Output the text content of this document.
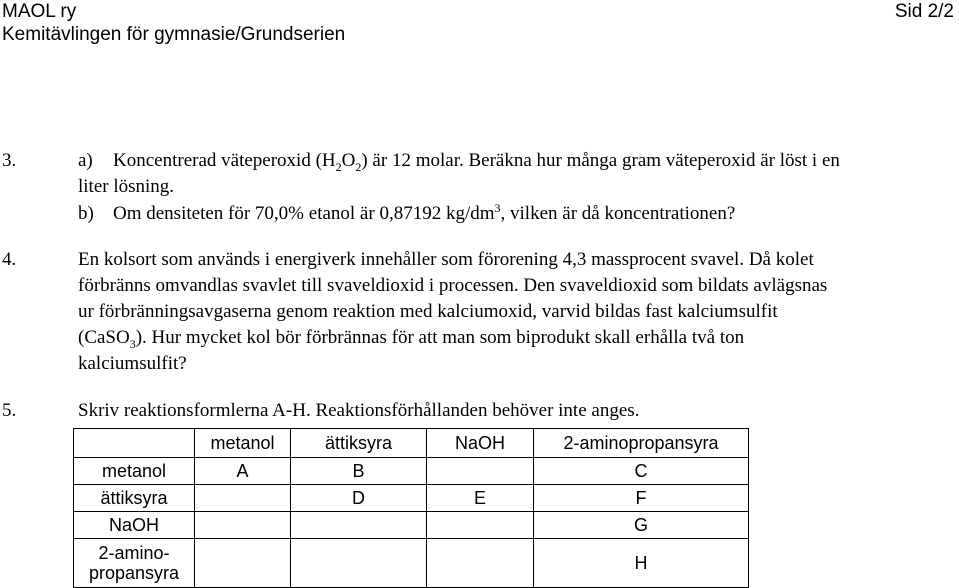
MAOL ry	Sid 2/2
Kemitävlingen för gymnasie/Grundserien
3.	a) Koncentrerad väteperoxid $(H_2O_2)$ är 12 molar. Beräkna hur många gram väteperoxid är löst i en
liter lösning.
b) Om densiteten för 70,0% etanol är 0,87192 $kg/dm^3$, vilken är då koncentrationen?
4.	En kolsort som används i energiverk innehåller som förorening 4,3 massprocent svavel. Då kolet
förbränns omvandlas svavlet till svaveldioxid i processen. Den svaveldioxid som bildats avlägsnas
ur förbränningsavgaserna genom reaktion med kalciumoxid, varvid bildas fast kalciumsulfit
(CaSO$_3$). Hur mycket kol bör förbrännas för att man som biprodukt skall erhålla två ton
kalciumsulfit?
5.	Skriv reaktionsformlerna A-H. Reaktionsförhållanden behöver inte anges.
	metanol	ättiksyra	NaOH	2-aminopropansyra
metanol	A	B		C
ättiksyra		D	E	F
NaOH				G
2-amino-
propansyra				H
